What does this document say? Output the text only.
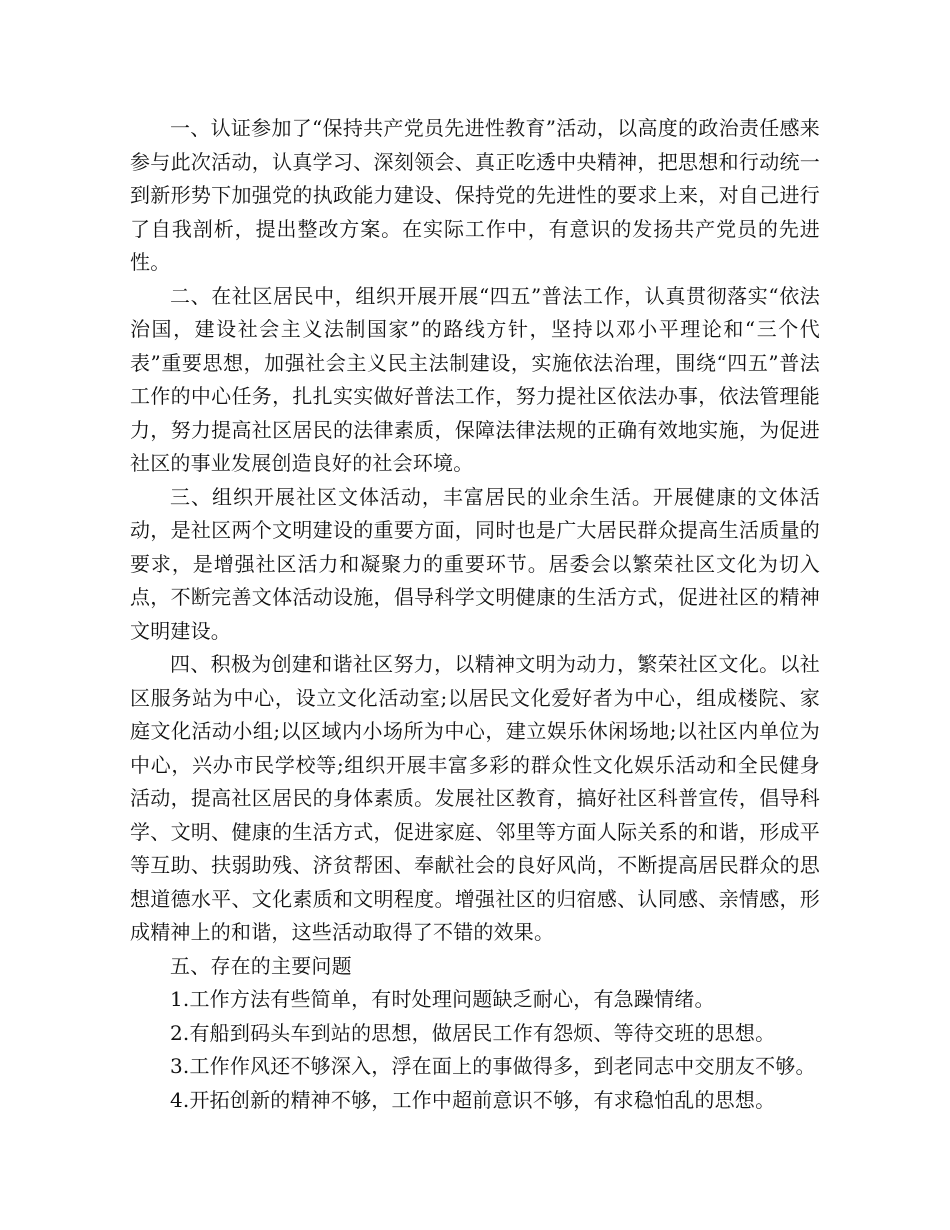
一、认证参加了“保持共产党员先进性教育”活动，以高度的政治责任感来参与此次活动，认真学习、深刻领会、真正吃透中央精神，把思想和行动统一到新形势下加强党的执政能力建设、保持党的先进性的要求上来，对自己进行了自我剖析，提出整改方案。在实际工作中，有意识的发扬共产党员的先进性。

二、在社区居民中，组织开展开展“四五”普法工作，认真贯彻落实“依法治国，建设社会主义法制国家”的路线方针，坚持以邓小平理论和“三个代表”重要思想，加强社会主义民主法制建设，实施依法治理，围绕“四五”普法工作的中心任务，扎扎实实做好普法工作，努力提社区依法办事，依法管理能力，努力提高社区居民的法律素质，保障法律法规的正确有效地实施，为促进社区的事业发展创造良好的社会环境。

三、组织开展社区文体活动，丰富居民的业余生活。开展健康的文体活动，是社区两个文明建设的重要方面，同时也是广大居民群众提高生活质量的要求，是增强社区活力和凝聚力的重要环节。居委会以繁荣社区文化为切入点，不断完善文体活动设施，倡导科学文明健康的生活方式，促进社区的精神文明建设。

四、积极为创建和谐社区努力，以精神文明为动力，繁荣社区文化。以社区服务站为中心，设立文化活动室;以居民文化爱好者为中心，组成楼院、家庭文化活动小组;以区域内小场所为中心，建立娱乐休闲场地;以社区内单位为中心，兴办市民学校等;组织开展丰富多彩的群众性文化娱乐活动和全民健身活动，提高社区居民的身体素质。发展社区教育，搞好社区科普宣传，倡导科学、文明、健康的生活方式，促进家庭、邻里等方面人际关系的和谐，形成平等互助、扶弱助残、济贫帮困、奉献社会的良好风尚，不断提高居民群众的思想道德水平、文化素质和文明程度。增强社区的归宿感、认同感、亲情感，形成精神上的和谐，这些活动取得了不错的效果。

五、存在的主要问题

1.工作方法有些简单，有时处理问题缺乏耐心，有急躁情绪。
2.有船到码头车到站的思想，做居民工作有怨烦、等待交班的思想。
3.工作作风还不够深入，浮在面上的事做得多，到老同志中交朋友不够。
4.开拓创新的精神不够，工作中超前意识不够，有求稳怕乱的思想。
